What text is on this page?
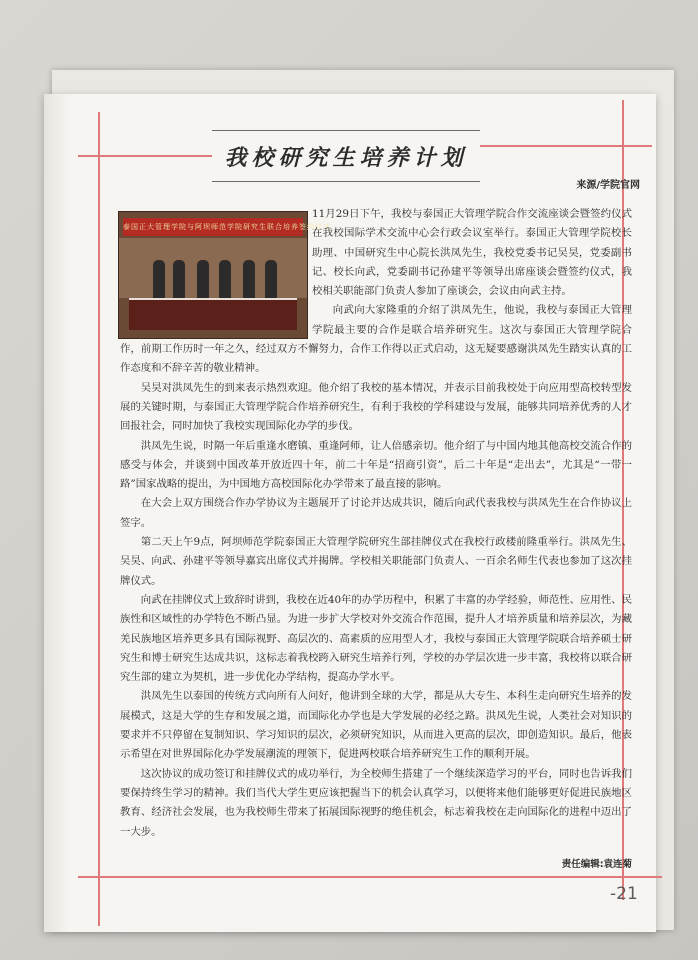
我校研究生培养计划
来源/学院官网
泰国正大管理学院与阿坝师范学院研究生联合培养签约仪式

11月29日下午，我校与泰国正大管理学院合作交流座谈会暨签约仪式在我校国际学术交流中心会行政会议室举行。泰国正大管理学院校长助理、中国研究生中心院长洪凤先生，我校党委书记吴昊，党委副书记、校长向武，党委副书记孙建平等领导出席座谈会暨签约仪式，我校相关职能部门负责人参加了座谈会，会议由向武主持。

向武向大家隆重的介绍了洪凤先生，他说，我校与泰国正大管理学院最主要的合作是联合培养研究生。这次与泰国正大管理学院合作，前期工作历时一年之久，经过双方不懈努力，合作工作得以正式启动，这无疑要感谢洪凤先生踏实认真的工作态度和不辞辛苦的敬业精神。

吴昊对洪凤先生的到来表示热烈欢迎。他介绍了我校的基本情况，并表示目前我校处于向应用型高校转型发展的关键时期，与泰国正大管理学院合作培养研究生，有利于我校的学科建设与发展，能够共同培养优秀的人才回报社会，同时加快了我校实现国际化办学的步伐。

洪凤先生说，时隔一年后重逢水磨镇、重逢阿师，让人倍感亲切。他介绍了与中国内地其他高校交流合作的感受与体会，并谈到中国改革开放近四十年，前二十年是“招商引资”，后二十年是“走出去”，尤其是“一带一路”国家战略的提出，为中国地方高校国际化办学带来了最直接的影响。

在大会上双方围绕合作办学协议为主题展开了讨论并达成共识，随后向武代表我校与洪凤先生在合作协议上签字。

第二天上午9点，阿坝师范学院泰国正大管理学院研究生部挂牌仪式在我校行政楼前隆重举行。洪凤先生、吴昊、向武、孙建平等领导嘉宾出席仪式并揭牌。学校相关职能部门负责人、一百余名师生代表也参加了这次挂牌仪式。

向武在挂牌仪式上致辞时讲到，我校在近40年的办学历程中，积累了丰富的办学经验，师范性、应用性、民族性和区域性的办学特色不断凸显。为进一步扩大学校对外交流合作范围，提升人才培养质量和培养层次，为藏羌民族地区培养更多具有国际视野、高层次的、高素质的应用型人才，我校与泰国正大管理学院联合培养硕士研究生和博士研究生达成共识，这标志着我校跨入研究生培养行列，学校的办学层次进一步丰富，我校将以联合研究生部的建立为契机，进一步优化办学结构，提高办学水平。

洪凤先生以泰国的传统方式向所有人问好，他讲到全球的大学，都是从大专生、本科生走向研究生培养的发展模式，这是大学的生存和发展之道，而国际化办学也是大学发展的必经之路。洪凤先生说，人类社会对知识的要求并不只停留在复制知识、学习知识的层次，必须研究知识，从而进入更高的层次，即创造知识。最后，他表示希望在对世界国际化办学发展潮流的理领下，促进两校联合培养研究生工作的顺利开展。

这次协议的成功签订和挂牌仪式的成功举行，为全校师生搭建了一个继续深造学习的平台，同时也告诉我们要保持终生学习的精神。我们当代大学生更应该把握当下的机会认真学习，以便将来他们能够更好促进民族地区教育、经济社会发展，也为我校师生带来了拓展国际视野的绝佳机会，标志着我校在走向国际化的进程中迈出了一大步。

责任编辑:袁连菊
-21
